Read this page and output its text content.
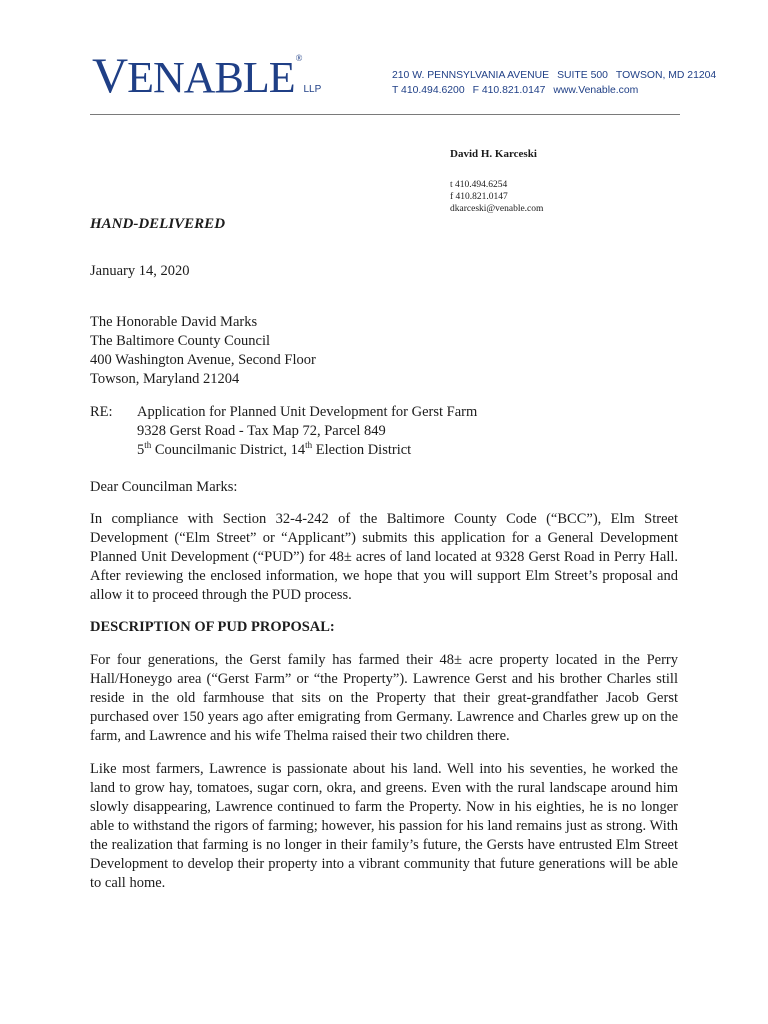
VENABLE®LLP
210 W. PENNSYLVANIA AVENUE SUITE 500 TOWSON, MD 21204
T 410.494.6200 F 410.821.0147 www.Venable.com
David H. Karceski
t 410.494.6254
f 410.821.0147
dkarceski@venable.com
HAND-DELIVERED
January 14, 2020
The Honorable David Marks
The Baltimore County Council
400 Washington Avenue, Second Floor
Towson, Maryland 21204
RE: Application for Planned Unit Development for Gerst Farm
9328 Gerst Road - Tax Map 72, Parcel 849
5th Councilmanic District, 14th Election District
Dear Councilman Marks:
In compliance with Section 32-4-242 of the Baltimore County Code (“BCC”), Elm Street Development (“Elm Street” or “Applicant”) submits this application for a General Development Planned Unit Development (“PUD”) for 48± acres of land located at 9328 Gerst Road in Perry Hall. After reviewing the enclosed information, we hope that you will support Elm Street’s proposal and allow it to proceed through the PUD process.
DESCRIPTION OF PUD PROPOSAL:
For four generations, the Gerst family has farmed their 48± acre property located in the Perry Hall/Honeygo area (“Gerst Farm” or “the Property”). Lawrence Gerst and his brother Charles still reside in the old farmhouse that sits on the Property that their great-grandfather Jacob Gerst purchased over 150 years ago after emigrating from Germany. Lawrence and Charles grew up on the farm, and Lawrence and his wife Thelma raised their two children there.
Like most farmers, Lawrence is passionate about his land. Well into his seventies, he worked the land to grow hay, tomatoes, sugar corn, okra, and greens. Even with the rural landscape around him slowly disappearing, Lawrence continued to farm the Property. Now in his eighties, he is no longer able to withstand the rigors of farming; however, his passion for his land remains just as strong. With the realization that farming is no longer in their family’s future, the Gersts have entrusted Elm Street Development to develop their property into a vibrant community that future generations will be able to call home.
